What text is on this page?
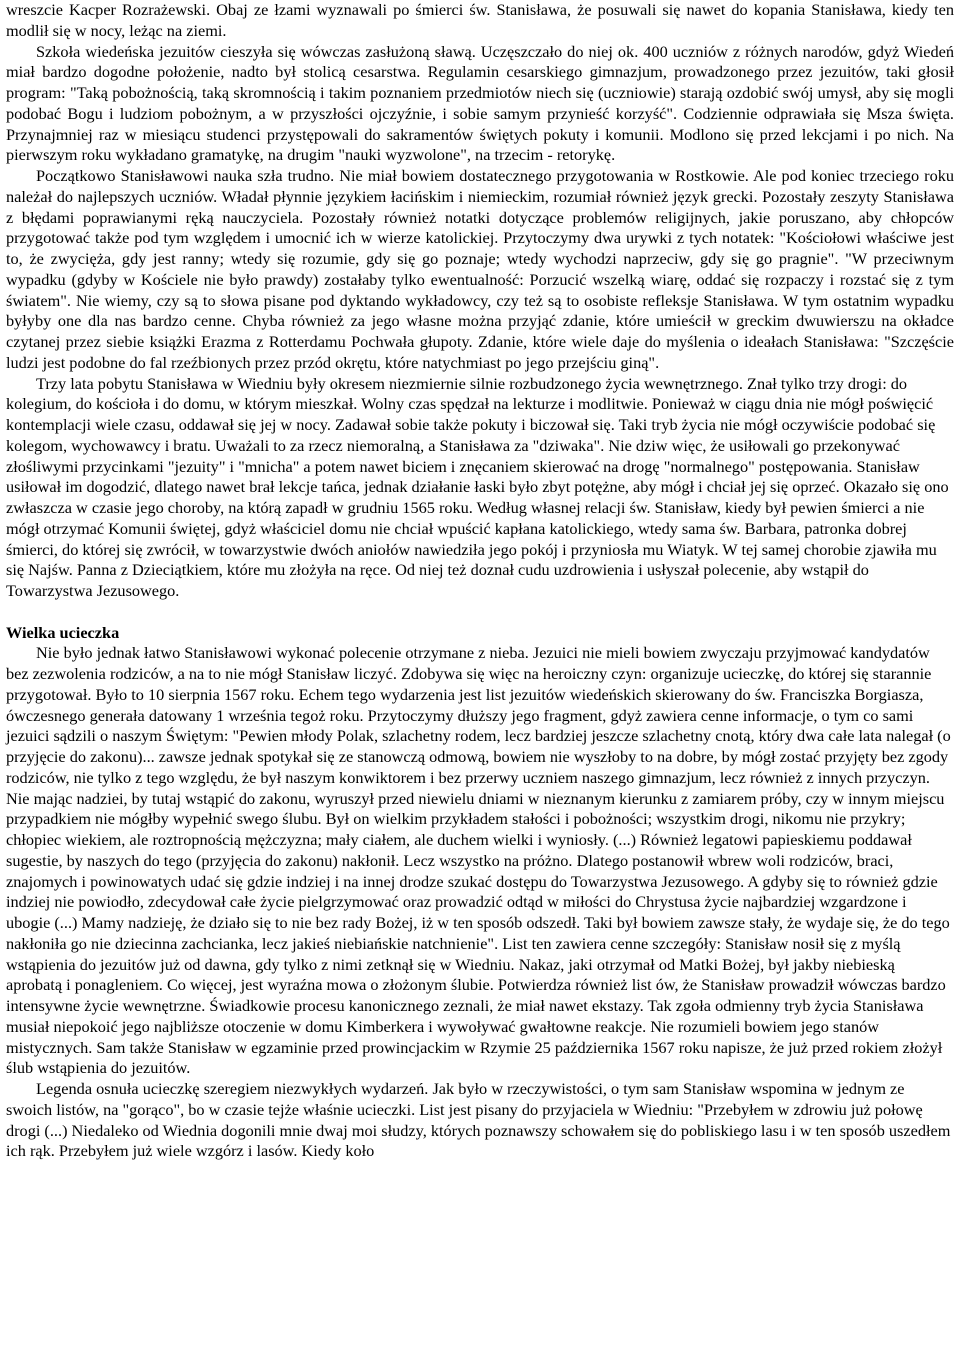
wreszcie Kacper Rozrażewski. Obaj ze łzami wyznawali po śmierci św. Stanisława, że posuwali się nawet do kopania Stanisława, kiedy ten modlił się w nocy, leżąc na ziemi.

Szkoła wiedeńska jezuitów cieszyła się wówczas zasłużoną sławą. Uczęszczało do niej ok. 400 uczniów z różnych narodów, gdyż Wiedeń miał bardzo dogodne położenie, nadto był stolicą cesarstwa. Regulamin cesarskiego gimnazjum, prowadzonego przez jezuitów, taki głosił program: "Taką pobożnością, taką skromnością i takim poznaniem przedmiotów niech się (uczniowie) starają ozdobić swój umysł, aby się mogli podobać Bogu i ludziom pobożnym, a w przyszłości ojczyźnie, i sobie samym przynieść korzyść". Codziennie odprawiała się Msza święta. Przynajmniej raz w miesiącu studenci przystępowali do sakramentów świętych pokuty i komunii. Modlono się przed lekcjami i po nich. Na pierwszym roku wykładano gramatykę, na drugim "nauki wyzwolone", na trzecim - retorykę.

Początkowo Stanisławowi nauka szła trudno. Nie miał bowiem dostatecznego przygotowania w Rostkowie. Ale pod koniec trzeciego roku należał do najlepszych uczniów. Władał płynnie językiem łacińskim i niemieckim, rozumiał również język grecki. Pozostały zeszyty Stanisława z błędami poprawianymi ręką nauczyciela. Pozostały również notatki dotyczące problemów religijnych, jakie poruszano, aby chłopców przygotować także pod tym względem i umocnić ich w wierze katolickiej. Przytoczymy dwa urywki z tych notatek: "Kościołowi właściwe jest to, że zwycięża, gdy jest ranny; wtedy się rozumie, gdy się go poznaje; wtedy wychodzi naprzeciw, gdy się go pragnie". "W przeciwnym wypadku (gdyby w Kościele nie było prawdy) zostałaby tylko ewentualność: Porzucić wszelką wiarę, oddać się rozpaczy i rozstać się z tym światem". Nie wiemy, czy są to słowa pisane pod dyktando wykładowcy, czy też są to osobiste refleksje Stanisława. W tym ostatnim wypadku byłyby one dla nas bardzo cenne. Chyba również za jego własne można przyjąć zdanie, które umieścił w greckim dwuwierszu na okładce czytanej przez siebie książki Erazma z Rotterdamu Pochwała głupoty. Zdanie, które wiele daje do myślenia o ideałach Stanisława: "Szczęście ludzi jest podobne do fal rzeźbionych przez przód okrętu, które natychmiast po jego przejściu giną".

Trzy lata pobytu Stanisława w Wiedniu były okresem niezmiernie silnie rozbudzonego życia wewnętrznego. Znał tylko trzy drogi: do kolegium, do kościoła i do domu, w którym mieszkał. Wolny czas spędzał na lekturze i modlitwie. Ponieważ w ciągu dnia nie mógł poświęcić kontemplacji wiele czasu, oddawał się jej w nocy. Zadawał sobie także pokuty i biczował się. Taki tryb życia nie mógł oczywiście podobać się kolegom, wychowawcy i bratu. Uważali to za rzecz niemoralną, a Stanisława za "dziwaka". Nie dziw więc, że usiłowali go przekonywać złośliwymi przycinkami "jezuity" i "mnicha" a potem nawet biciem i znęcaniem skierować na drogę "normalnego" postępowania. Stanisław usiłował im dogodzić, dlatego nawet brał lekcje tańca, jednak działanie łaski było zbyt potężne, aby mógł i chciał jej się oprzeć. Okazało się ono zwłaszcza w czasie jego choroby, na którą zapadł w grudniu 1565 roku. Według własnej relacji św. Stanisław, kiedy był pewien śmierci a nie mógł otrzymać Komunii świętej, gdyż właściciel domu nie chciał wpuścić kapłana katolickiego, wtedy sama św. Barbara, patronka dobrej śmierci, do której się zwrócił, w towarzystwie dwóch aniołów nawiedziła jego pokój i przyniosła mu Wiatyk. W tej samej chorobie zjawiła mu się Najśw. Panna z Dzieciątkiem, które mu złożyła na ręce. Od niej też doznał cudu uzdrowienia i usłyszał polecenie, aby wstąpił do Towarzystwa Jezusowego.

Wielka ucieczka

Nie było jednak łatwo Stanisławowi wykonać polecenie otrzymane z nieba. Jezuici nie mieli bowiem zwyczaju przyjmować kandydatów bez zezwolenia rodziców, a na to nie mógł Stanisław liczyć. Zdobywa się więc na heroiczny czyn: organizuje ucieczkę, do której się starannie przygotował. Było to 10 sierpnia 1567 roku. Echem tego wydarzenia jest list jezuitów wiedeńskich skierowany do św. Franciszka Borgiasza, ówczesnego generała datowany 1 września tegoż roku. Przytoczymy dłuższy jego fragment, gdyż zawiera cenne informacje, o tym co sami jezuici sądzili o naszym Świętym: "Pewien młody Polak, szlachetny rodem, lecz bardziej jeszcze szlachetny cnotą, który dwa całe lata nalegał (o przyjęcie do zakonu)... zawsze jednak spotykał się ze stanowczą odmową, bowiem nie wyszłoby to na dobre, by mógł zostać przyjęty bez zgody rodziców, nie tylko z tego względu, że był naszym konwiktorem i bez przerwy uczniem naszego gimnazjum, lecz również z innych przyczyn. Nie mając nadziei, by tutaj wstąpić do zakonu, wyruszył przed niewielu dniami w nieznanym kierunku z zamiarem próby, czy w innym miejscu przypadkiem nie mógłby wypełnić swego ślubu. Był on wielkim przykładem stałości i pobożności; wszystkim drogi, nikomu nie przykry; chłopiec wiekiem, ale roztropnością mężczyzna; mały ciałem, ale duchem wielki i wyniosły. (...) Również legatowi papieskiemu poddawał sugestie, by naszych do tego (przyjęcia do zakonu) nakłonił. Lecz wszystko na próżno. Dlatego postanowił wbrew woli rodziców, braci, znajomych i powinowatych udać się gdzie indziej i na innej drodze szukać dostępu do Towarzystwa Jezusowego. A gdyby się to również gdzie indziej nie powiodło, zdecydował całe życie pielgrzymować oraz prowadzić odtąd w miłości do Chrystusa życie najbardziej wzgardzone i ubogie (...) Mamy nadzieję, że działo się to nie bez rady Bożej, iż w ten sposób odszedł. Taki był bowiem zawsze stały, że wydaje się, że do tego nakłoniła go nie dziecinna zachcianka, lecz jakieś niebiańskie natchnienie". List ten zawiera cenne szczegóły: Stanisław nosił się z myślą wstąpienia do jezuitów już od dawna, gdy tylko z nimi zetknął się w Wiedniu. Nakaz, jaki otrzymał od Matki Bożej, był jakby niebieską aprobatą i ponagleniem. Co więcej, jest wyraźna mowa o złożonym ślubie. Potwierdza również list ów, że Stanisław prowadził wówczas bardzo intensywne życie wewnętrzne. Świadkowie procesu kanonicznego zeznali, że miał nawet ekstazy. Tak zgoła odmienny tryb życia Stanisława musiał niepokoić jego najbliższe otoczenie w domu Kimberkera i wywoływać gwałtowne reakcje. Nie rozumieli bowiem jego stanów mistycznych. Sam także Stanisław w egzaminie przed prowincjackim w Rzymie 25 października 1567 roku napisze, że już przed rokiem złożył ślub wstąpienia do jezuitów.

Legenda osnuła ucieczkę szeregiem niezwykłych wydarzeń. Jak było w rzeczywistości, o tym sam Stanisław wspomina w jednym ze swoich listów, na "gorąco", bo w czasie tejże właśnie ucieczki. List jest pisany do przyjaciela w Wiedniu: "Przebyłem w zdrowiu już połowę drogi (...) Niedaleko od Wiednia dogonili mnie dwaj moi słudzy, których poznawszy schowałem się do pobliskiego lasu i w ten sposób uszedłem ich rąk. Przebyłem już wiele wzgórz i lasów. Kiedy koło
